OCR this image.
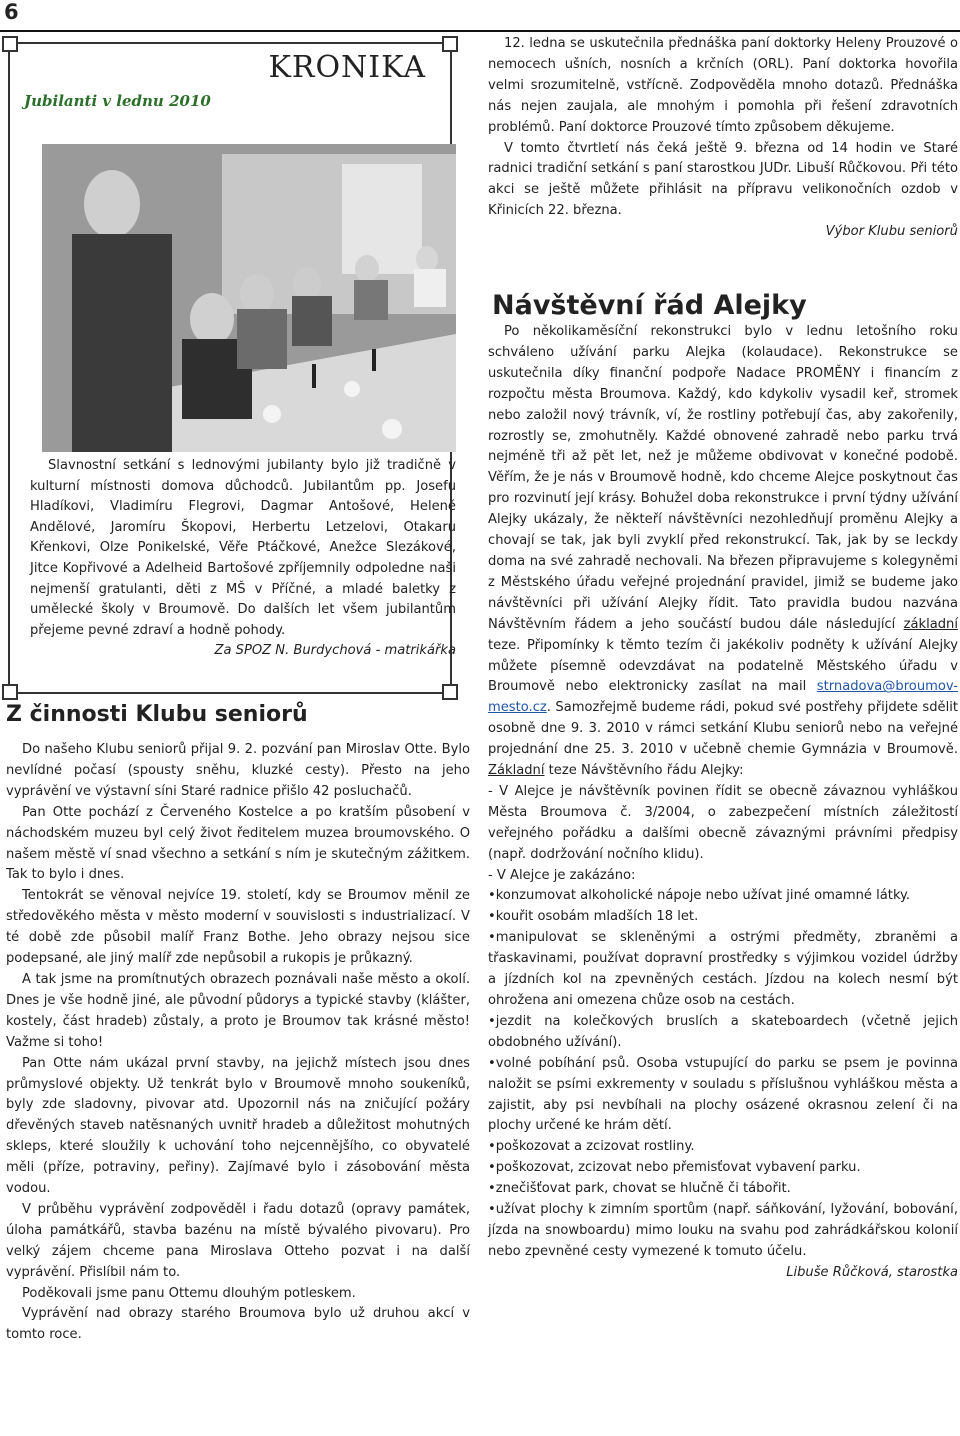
6
KRONIKA
Jubilanti v lednu 2010

Slavnostní setkání s lednovými jubilanty bylo již tradičně v kulturní místnosti domova důchodců. Jubilantům pp. Josefu Hladíkovi, Vladimíru Flegrovi, Dagmar Antošové, Heleně Andělové, Jaromíru Škopovi, Herbertu Letzelovi, Otakaru Křenkovi, Olze Ponikelské, Věře Ptáčkové, Anežce Slezákové, Jitce Kopřivové a Adelheid Bartošové zpříjemnily odpoledne naši nejmenší gratulanti, děti z MŠ v Příčné, a mladé baletky z umělecké školy v Broumově. Do dalších let všem jubilantům přejeme pevné zdraví a hodně pohody.

Za SPOZ N. Burdychová - matrikářka
Z činnosti Klubu seniorů

Do našeho Klubu seniorů přijal 9. 2. pozvání pan Miroslav Otte. Bylo nevlídné počasí (spousty sněhu, kluzké cesty). Přesto na jeho vyprávění ve výstavní síni Staré radnice přišlo 42 posluchačů.

Pan Otte pochází z Červeného Kostelce a po kratším působení v náchodském muzeu byl celý život ředitelem muzea broumovského. O našem městě ví snad všechno a setkání s ním je skutečným zážitkem. Tak to bylo i dnes.

Tentokrát se věnoval nejvíce 19. století, kdy se Broumov měnil ze středověkého města v město moderní v souvislosti s industrializací. V té době zde působil malíř Franz Bothe. Jeho obrazy nejsou sice podepsané, ale jiný malíř zde nepůsobil a rukopis je průkazný.

A tak jsme na promítnutých obrazech poznávali naše město a okolí. Dnes je vše hodně jiné, ale původní půdorys a typické stavby (klášter, kostely, část hradeb) zůstaly, a proto je Broumov tak krásné město! Važme si toho!

Pan Otte nám ukázal první stavby, na jejichž místech jsou dnes průmyslové objekty. Už tenkrát bylo v Broumově mnoho soukeníků, byly zde sladovny, pivovar atd. Upozornil nás na zničující požáry dřevěných staveb natěsnaných uvnitř hradeb a důležitost mohutných skleps, které sloužily k uchování toho nejcennějšího, co obyvatelé měli (příze, potraviny, peřiny). Zajímavé bylo i zásobování města vodou.

V průběhu vyprávění zodpověděl i řadu dotazů (opravy památek, úloha památkářů, stavba bazénu na místě bývalého pivovaru). Pro velký zájem chceme pana Miroslava Otteho pozvat i na další vyprávění. Přislíbil nám to.

Poděkovali jsme panu Ottemu dlouhým potleskem.

Vyprávění nad obrazy starého Broumova bylo už druhou akcí v tomto roce.

12. ledna se uskutečnila přednáška paní doktorky Heleny Prouzové o nemocech ušních, nosních a krčních (ORL). Paní doktorka hovořila velmi srozumitelně, vstřícně. Zodpověděla mnoho dotazů. Přednáška nás nejen zaujala, ale mnohým i pomohla při řešení zdravotních problémů. Paní doktorce Prouzové tímto způsobem děkujeme.

V tomto čtvrtletí nás čeká ještě 9. března od 14 hodin ve Staré radnici tradiční setkání s paní starostkou JUDr. Libuší Růčkovou. Při této akci se ještě můžete přihlásit na přípravu velikonočních ozdob v Křinicích 22. března.

Výbor Klubu seniorů
Návštěvní řád Alejky

Po několikaměsíční rekonstrukci bylo v lednu letošního roku schváleno užívání parku Alejka (kolaudace). Rekonstrukce se uskutečnila díky finanční podpoře Nadace PROMĚNY i financím z rozpočtu města Broumova. Každý, kdo kdykoliv vysadil keř, stromek nebo založil nový trávník, ví, že rostliny potřebují čas, aby zakořenily, rozrostly se, zmohutněly. Každé obnovené zahradě nebo parku trvá nejméně tři až pět let, než je můžeme obdivovat v konečné podobě. Věřím, že je nás v Broumově hodně, kdo chceme Alejce poskytnout čas pro rozvinutí její krásy. Bohužel doba rekonstrukce i první týdny užívání Alejky ukázaly, že někteří návštěvníci nezohledňují proměnu Alejky a chovají se tak, jak byli zvyklí před rekonstrukcí. Tak, jak by se leckdy doma na své zahradě nechovali. Na březen připravujeme s kolegyněmi z Městského úřadu veřejné projednání pravidel, jimiž se budeme jako návštěvníci při užívání Alejky řídit. Tato pravidla budou nazvána Návštěvním řádem a jeho součástí budou dále následující základní teze. Připomínky k těmto tezím či jakékoliv podněty k užívání Alejky můžete písemně odevzdávat na podatelně Městského úřadu v Broumově nebo elektronicky zasílat na mail strnadova@broumov-mesto.cz. Samozřejmě budeme rádi, pokud své postřehy přijdete sdělit osobně dne 9. 3. 2010 v rámci setkání Klubu seniorů nebo na veřejné projednání dne 25. 3. 2010 v učebně chemie Gymnázia v Broumově. Základní teze Návštěvního řádu Alejky:

- V Alejce je návštěvník povinen řídit se obecně závaznou vyhláškou Města Broumova č. 3/2004, o zabezpečení místních záležitostí veřejného pořádku a dalšími obecně závaznými právními předpisy (např. dodržování nočního klidu).

- V Alejce je zakázáno:

•konzumovat alkoholické nápoje nebo užívat jiné omamné látky.

•kouřit osobám mladších 18 let.

•manipulovat se skleněnými a ostrými předměty, zbraněmi a třaskavinami, používat dopravní prostředky s výjimkou vozidel údržby a jízdních kol na zpevněných cestách. Jízdou na kolech nesmí být ohrožena ani omezena chůze osob na cestách.

•jezdit na kolečkových bruslích a skateboardech (včetně jejich obdobného užívání).

•volné pobíhání psů. Osoba vstupující do parku se psem je povinna naložit se psími exkrementy v souladu s příslušnou vyhláškou města a zajistit, aby psi nevbíhali na plochy osázené okrasnou zelení či na plochy určené ke hrám dětí.

•poškozovat a zcizovat rostliny.

•poškozovat, zcizovat nebo přemisťovat vybavení parku.

•znečišťovat park, chovat se hlučně či tábořit.

•užívat plochy k zimním sportům (např. sáňkování, lyžování, bobování, jízda na snowboardu) mimo louku na svahu pod zahrádkářskou kolonií nebo zpevněné cesty vymezené k tomuto účelu.

Libuše Růčková, starostka
